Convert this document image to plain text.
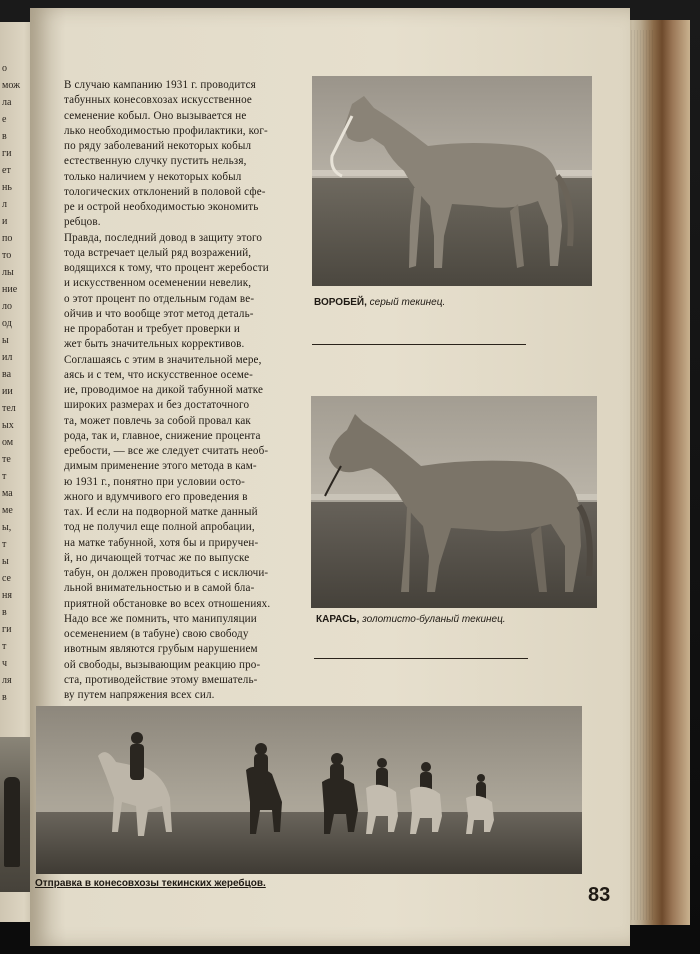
о
мож
ла
е
в
ги
ет
нь
л
и
по
то
лы
ние
ло
од
ы
ил
ва
ии
тел
ых
ом
те
т
ма
ме
ы,
т
ы
се
ня
в
ги
т
ч
ля
в

В случаю кампанию 1931 г. проводится

табунных конесовхозах искусственное

семенение кобыл. Оно вызывается не

лько необходимостью профилактики, ког-

по ряду заболеваний некоторых кобыл

естественную случку пустить нельзя,

только наличием у некоторых кобыл

тологических отклонений в половой сфе-

ре и острой необходимостью экономить

ребцов.

Правда, последний довод в защиту этого

тода встречает целый ряд возражений,

водящихся к тому, что процент жеребости

и искусственном осеменении невелик,

о этот процент по отдельным годам ве-

ойчив и что вообще этот метод деталь-

не проработан и требует проверки и

жет быть значительных коррективов.

Соглашаясь с этим в значительной мере,

аясь и с тем, что искусственное осеме-

ие, проводимое на дикой табунной матке

широких размерах и без достаточного

та, может повлечь за собой провал как

рода, так и, главное, снижение процента

еребости, — все же следует считать необ-

димым применение этого метода в кам-

ю 1931 г., понятно при условии осто-

жного и вдумчивого его проведения в

тах. И если на подворной матке данный

тод не получил еще полной апробации,

на матке табунной, хотя бы и приручен-

й, но дичающей тотчас же по выпуске

табун, он должен проводиться с исключи-

льной внимательностью и в самой бла-

приятной обстановке во всех отношениях.

Надо все же помнить, что манипуляции

осеменением (в табуне) свою свободу

ивотным являются грубым нарушением

ой свободы, вызывающим реакцию про-

ста, противодействие этому вмешатель-

ву путем напряжения всех сил.

ВОРОБЕЙ, серый текинец.
КАРАСЬ, золотисто-буланый текинец.
Отправка в конесовхозы текинских жеребцов.
83
